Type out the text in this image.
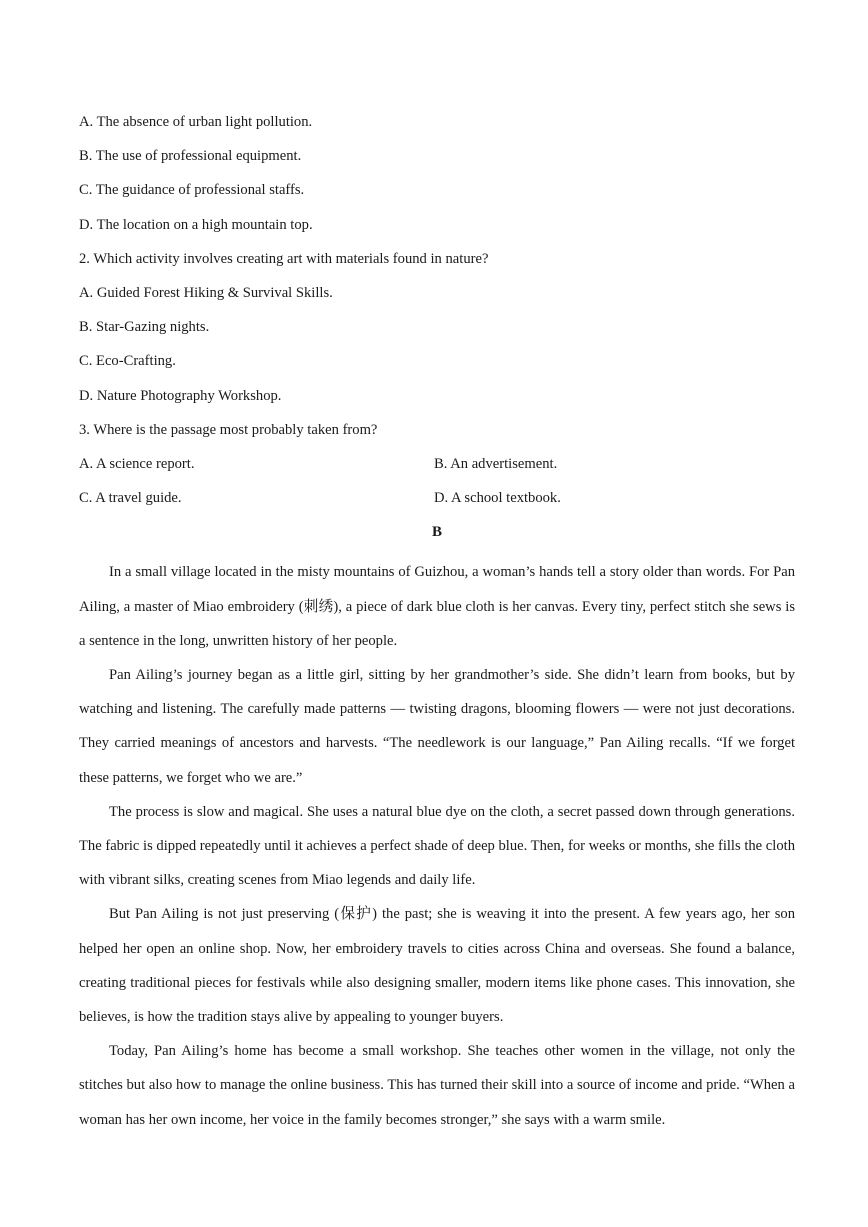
A. The absence of urban light pollution.
B. The use of professional equipment.
C. The guidance of professional staffs.
D. The location on a high mountain top.
2. Which activity involves creating art with materials found in nature?
A. Guided Forest Hiking & Survival Skills.
B. Star-Gazing nights.
C. Eco-Crafting.
D. Nature Photography Workshop.
3. Where is the passage most probably taken from?
A. A science report.	B. An advertisement.
C. A travel guide.	D. A school textbook.
B

In a small village located in the misty mountains of Guizhou, a woman’s hands tell a story older than words. For Pan Ailing, a master of Miao embroidery (刺绣), a piece of dark blue cloth is her canvas. Every tiny, perfect stitch she sews is a sentence in the long, unwritten history of her people.

Pan Ailing’s journey began as a little girl, sitting by her grandmother’s side. She didn’t learn from books, but by watching and listening. The carefully made patterns — twisting dragons, blooming flowers — were not just decorations. They carried meanings of ancestors and harvests. “The needlework is our language,” Pan Ailing recalls. “If we forget these patterns, we forget who we are.”

The process is slow and magical. She uses a natural blue dye on the cloth, a secret passed down through generations. The fabric is dipped repeatedly until it achieves a perfect shade of deep blue. Then, for weeks or months, she fills the cloth with vibrant silks, creating scenes from Miao legends and daily life.

But Pan Ailing is not just preserving (保护) the past; she is weaving it into the present. A few years ago, her son helped her open an online shop. Now, her embroidery travels to cities across China and overseas. She found a balance, creating traditional pieces for festivals while also designing smaller, modern items like phone cases. This innovation, she believes, is how the tradition stays alive by appealing to younger buyers.

Today, Pan Ailing’s home has become a small workshop. She teaches other women in the village, not only the stitches but also how to manage the online business. This has turned their skill into a source of income and pride. “When a woman has her own income, her voice in the family becomes stronger,” she says with a warm smile.
